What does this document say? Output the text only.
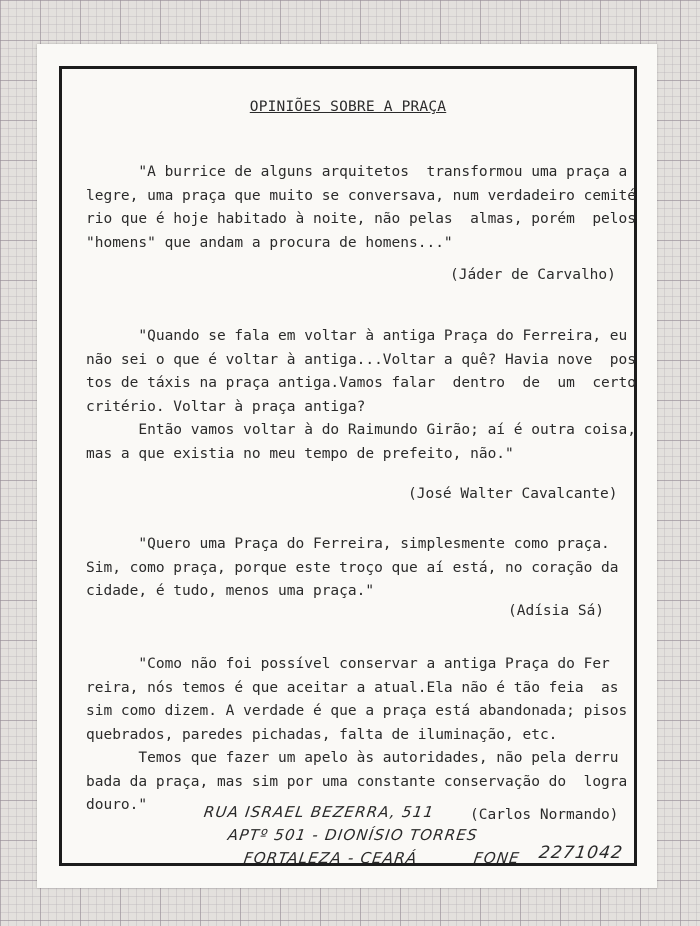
OPINIÕES SOBRE A PRAÇA
"A burrice de alguns arquitetos  transformou uma praça a
legre, uma praça que muito se conversava, num verdadeiro cemité
rio que é hoje habitado à noite, não pelas  almas, porém  pelos
"homens" que andam a procura de homens..."
(Jáder de Carvalho)
"Quando se fala em voltar à antiga Praça do Ferreira, eu
não sei o que é voltar à antiga...Voltar a quê? Havia nove  pos
tos de táxis na praça antiga.Vamos falar  dentro  de  um  certo
critério. Voltar à praça antiga?
Então vamos voltar à do Raimundo Girão; aí é outra coisa,
mas a que existia no meu tempo de prefeito, não."
(José Walter Cavalcante)
"Quero uma Praça do Ferreira, simplesmente como praça.
Sim, como praça, porque este troço que aí está, no coração da
cidade, é tudo, menos uma praça."
(Adísia Sá)
"Como não foi possível conservar a antiga Praça do Fer
reira, nós temos é que aceitar a atual.Ela não é tão feia  as
sim como dizem. A verdade é que a praça está abandonada; pisos
quebrados, paredes pichadas, falta de iluminação, etc.
Temos que fazer um apelo às autoridades, não pela derru
bada da praça, mas sim por uma constante conservação do  logra
douro."
(Carlos Normando)
RUA ISRAEL BEZERRA, 511
APTº 501 - DIONÍSIO TORRES
FORTALEZA - CEARÁ	FONE 2271042
